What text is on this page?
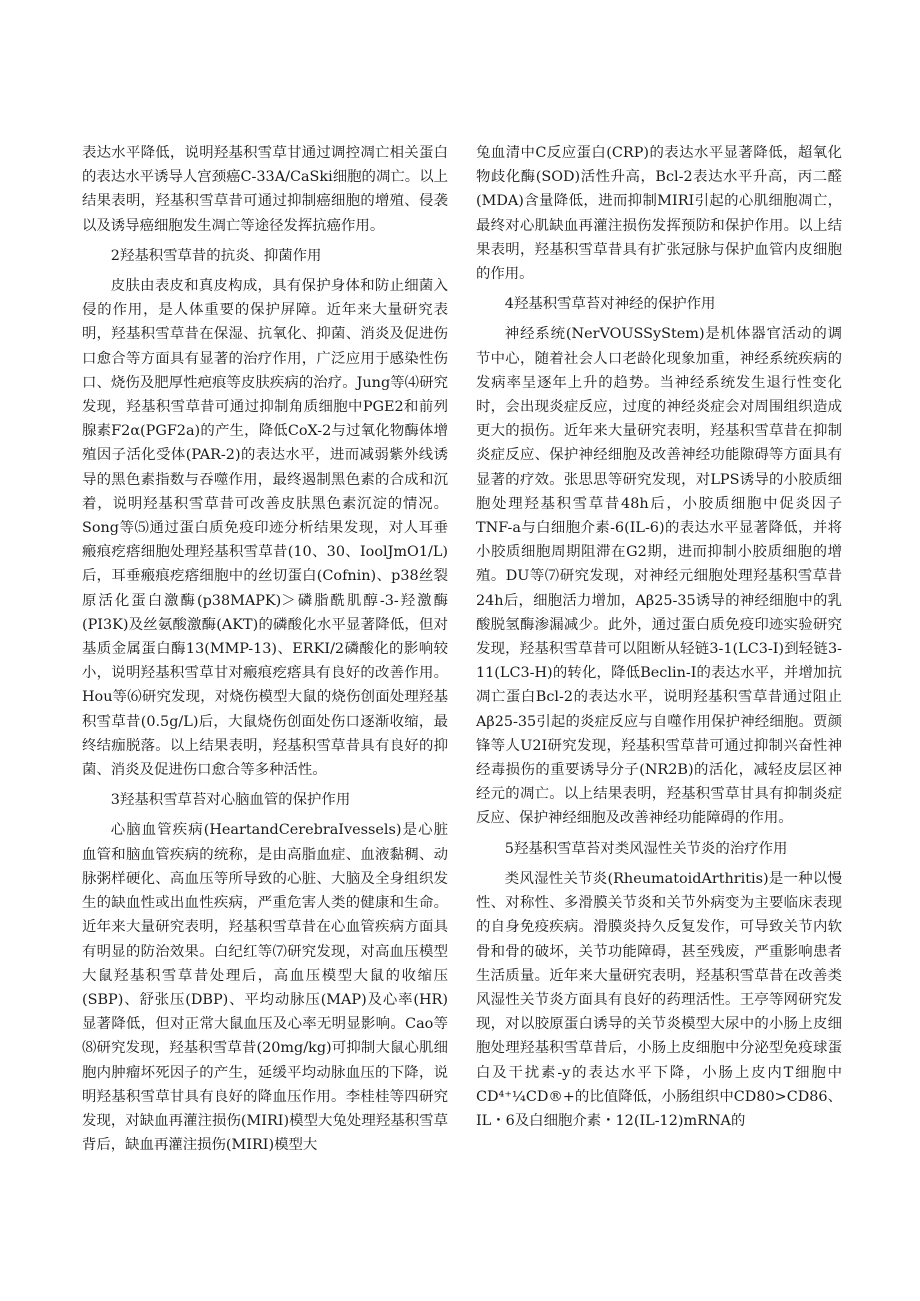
表达水平降低，说明羟基积雪草甘通过调控凋亡相关蛋白的表达水平诱导人宫颈癌C-33A/CaSki细胞的凋亡。以上结果表明，羟基积雪草昔可通过抑制癌细胞的增殖、侵袭以及诱导癌细胞发生凋亡等途径发挥抗癌作用。

2羟基积雪草昔的抗炎、抑菌作用

皮肤由表皮和真皮构成，具有保护身体和防止细菌入侵的作用，是人体重要的保护屏障。近年来大量研究表明，羟基积雪草昔在保湿、抗氧化、抑菌、消炎及促进伤口愈合等方面具有显著的治疗作用，广泛应用于感染性伤口、烧伤及肥厚性疤痕等皮肤疾病的治疗。Jung等⑷研究发现，羟基积雪草昔可通过抑制角质细胞中PGE2和前列腺素F2α(PGF2a)的产生，降低CoX-2与过氧化物酶体增殖因子活化受体(PAR-2)的表达水平，进而减弱紫外线诱导的黑色素指数与吞噬作用，最终遏制黑色素的合成和沉着，说明羟基积雪草昔可改善皮肤黑色素沉淀的情况。Song等⑸通过蛋白质免疫印迹分析结果发现，对人耳垂瘢痕疙瘩细胞处理羟基积雪草昔(10、30、IoolJmO1/L)后，耳垂瘢痕疙瘩细胞中的丝切蛋白(Cofnin)、p38丝裂原活化蛋白激酶(p38MAPK)＞磷脂酰肌醇-3-羟激酶(PI3K)及丝氨酸激酶(AKT)的磷酸化水平显著降低，但对基质金属蛋白酶13(MMP-13)、ERKI/2磷酸化的影响较小，说明羟基积雪草甘对瘢痕疙瘩具有良好的改善作用。Hou等⑹研究发现，对烧伤模型大鼠的烧伤创面处理羟基积雪草昔(0.5g/L)后，大鼠烧伤创面处伤口逐渐收缩，最终结痂脱落。以上结果表明，羟基积雪草昔具有良好的抑菌、消炎及促进伤口愈合等多种活性。

3羟基积雪草苔对心脑血管的保护作用

心脑血管疾病(HeartandCerebraIvessels)是心脏血管和脑血管疾病的统称，是由高脂血症、血液黏稠、动脉粥样硬化、高血压等所导致的心脏、大脑及全身组织发生的缺血性或出血性疾病，严重危害人类的健康和生命。近年来大量研究表明，羟基积雪草昔在心血管疾病方面具有明显的防治效果。白纪红等⑺研究发现，对高血压模型大鼠羟基积雪草昔处理后，高血压模型大鼠的收缩压(SBP)、舒张压(DBP)、平均动脉压(MAP)及心率(HR)显著降低，但对正常大鼠血压及心率无明显影响。Cao等⑻研究发现，羟基积雪草昔(20mg/kg)可抑制大鼠心肌细胞内肿瘤坏死因子的产生，延缓平均动脉血压的下降，说明羟基积雪草甘具有良好的降血压作用。李桂桂等四研究发现，对缺血再灌注损伤(MIRI)模型大兔处理羟基积雪草背后，缺血再灌注损伤(MIRI)模型大

兔血清中C反应蛋白(CRP)的表达水平显著降低，超氧化物歧化酶(SOD)活性升高，Bcl-2表达水平升高，丙二醛(MDA)含量降低，进而抑制MIRI引起的心肌细胞凋亡，最终对心肌缺血再灌注损伤发挥预防和保护作用。以上结果表明，羟基积雪草昔具有扩张冠脉与保护血管内皮细胞的作用。

4羟基积雪草苔对神经的保护作用

神经系统(NerVOUSSyStem)是机体器官活动的调节中心，随着社会人口老龄化现象加重，神经系统疾病的发病率呈逐年上升的趋势。当神经系统发生退行性变化时，会出现炎症反应，过度的神经炎症会对周围组织造成更大的损伤。近年来大量研究表明，羟基积雪草昔在抑制炎症反应、保护神经细胞及改善神经功能隙碍等方面具有显著的疗效。张思思等研究发现，对LPS诱导的小胶质细胞处理羟基积雪草昔48h后，小胶质细胞中促炎因子TNF-a与白细胞介素-6(IL-6)的表达水平显著降低，并将小胶质细胞周期阻滞在G2期，进而抑制小胶质细胞的增殖。DU等⑺研究发现，对神经元细胞处理羟基积雪草昔24h后，细胞活力增加，Aβ25-35诱导的神经细胞中的乳酸脱氢酶渗漏减少。此外，通过蛋白质免疫印迹实验研究发现，羟基积雪草昔可以阻断从轻链3-1(LC3-I)到轻链3-11(LC3-H)的转化，降低Beclin-I的表达水平，并增加抗凋亡蛋白Bcl-2的表达水平，说明羟基积雪草昔通过阻止Aβ25-35引起的炎症反应与自噬作用保护神经细胞。贾颜锋等人U2I研究发现，羟基积雪草昔可通过抑制兴奋性神经毒损伤的重要诱导分子(NR2B)的活化，减轻皮层区神经元的凋亡。以上结果表明，羟基积雪草甘具有抑制炎症反应、保护神经细胞及改善神经功能障碍的作用。

5羟基积雪草苔对类风湿性关节炎的治疗作用

类风湿性关节炎(RheumatoidArthritis)是一种以慢性、对称性、多滑膜关节炎和关节外病变为主要临床表现的自身免疫疾病。滑膜炎持久反复发作，可导致关节内软骨和骨的破坏，关节功能障碍，甚至残废，严重影响患者生活质量。近年来大量研究表明，羟基积雪草昔在改善类风湿性关节炎方面具有良好的药理活性。王亭等网研究发现，对以胶原蛋白诱导的关节炎模型大尿中的小肠上皮细胞处理羟基积雪草昔后，小肠上皮细胞中分泌型免疫球蛋白及干扰素-y的表达水平下降，小肠上皮内T细胞中CD⁴⁺¼CD®+的比值降低，小肠组织中CD80>CD86、IL・6及白细胞介素・12(IL-12)mRNA的
